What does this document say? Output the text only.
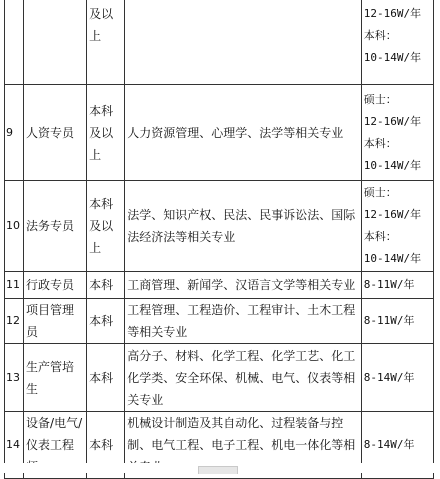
		及以上		12-16W/年
本科：
10-14W/年

9	人资专员	本科及以上	人力资源管理、心理学、法学等相关专业	硕士：
12-16W/年
本科：
10-14W/年

10	法务专员	本科及以上	法学、知识产权、民法、民事诉讼法、国际法经济法等相关专业	硕士：
12-16W/年
本科：
10-14W/年

11	行政专员	本科	工商管理、新闻学、汉语言文学等相关专业	8-11W/年

12	项目管理员	本科	工程管理、工程造价、工程审计、土木工程等相关专业	8-11W/年

13	生产管培生	本科	高分子、材料、化学工程、化学工艺、化工化学类、安全环保、机械、电气、仪表等相关专业	8-14W/年

14	设备/电气/仪表工程	本科	机械设计制造及其自动化、过程装备与控制、电气工程、电子工程、机电一体化等相	8-14W/年
